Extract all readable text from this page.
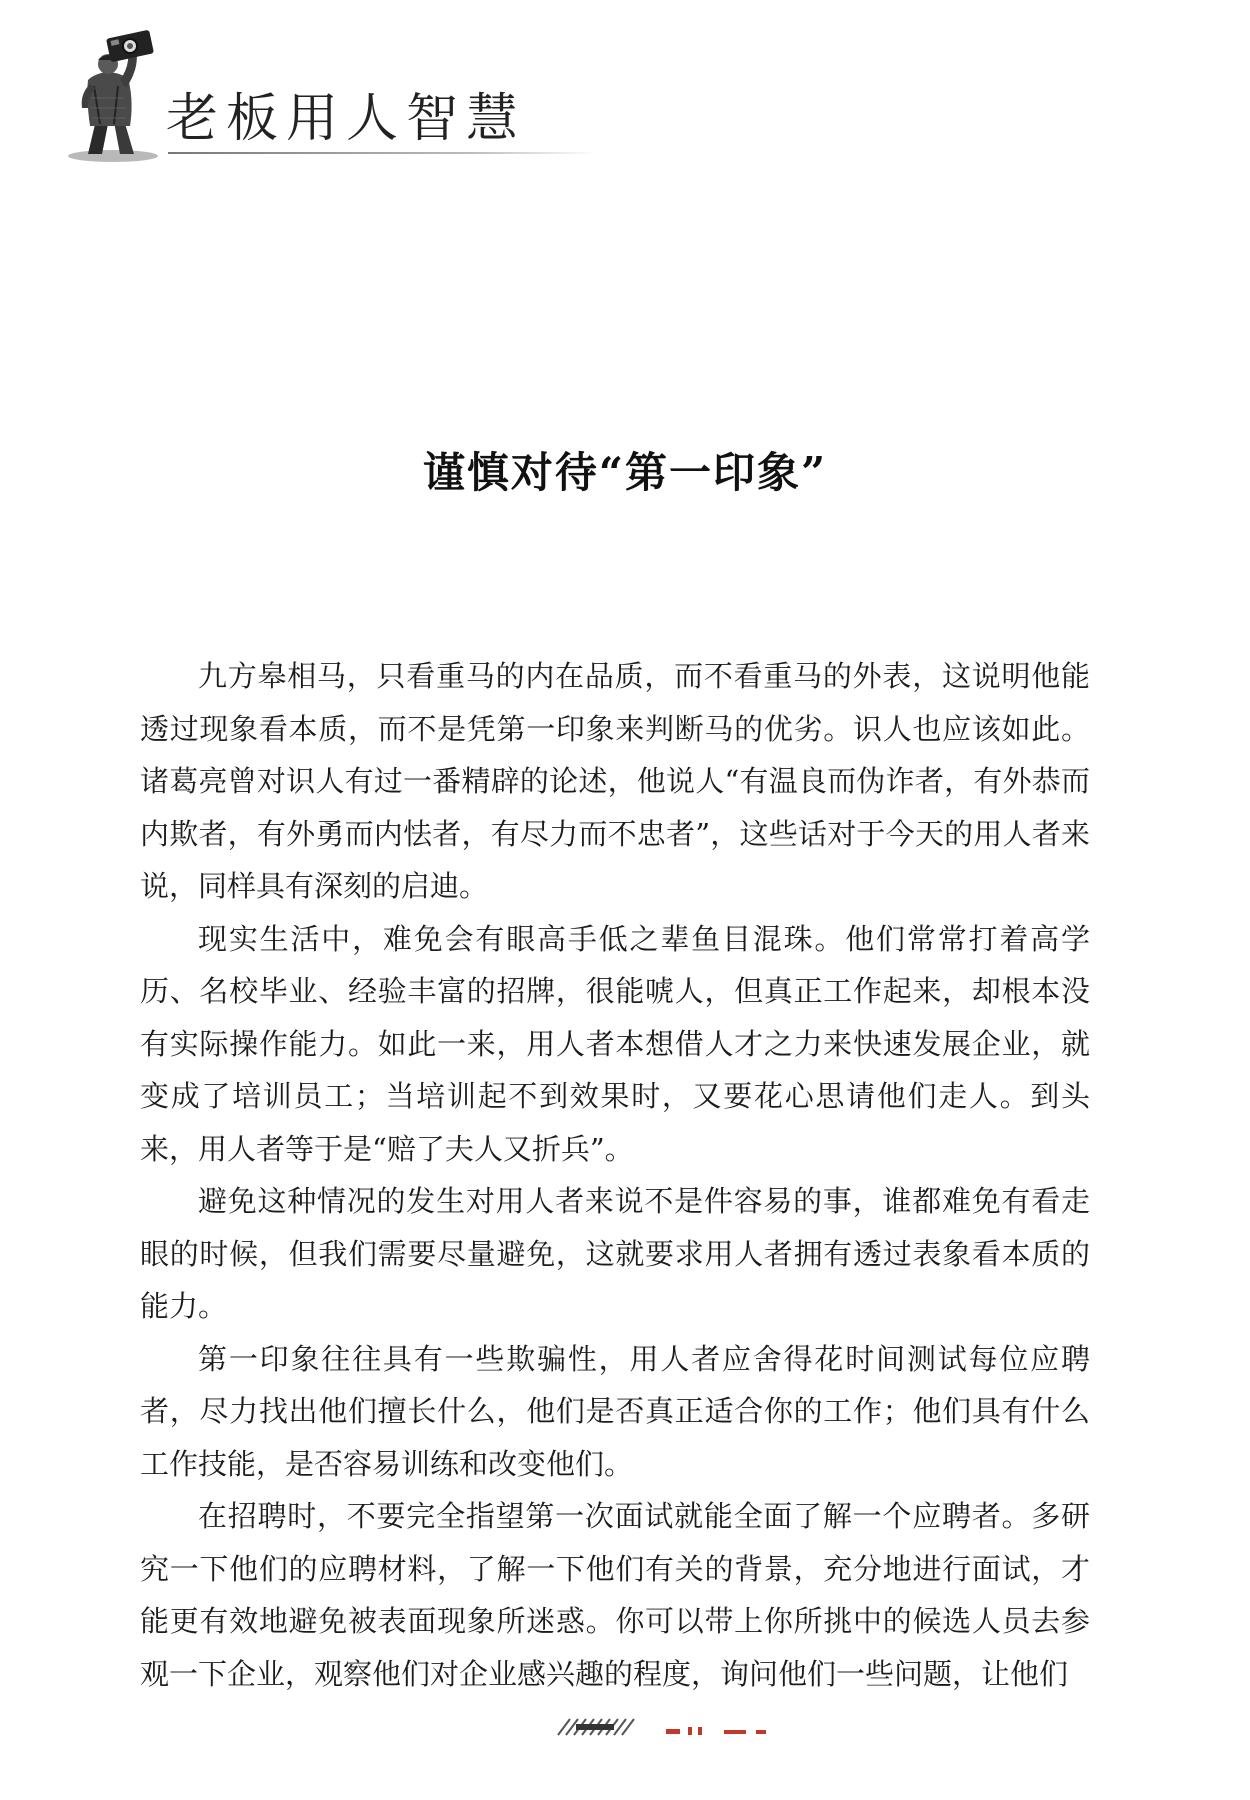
老板用人智慧
谨慎对待“第一印象”

九方皋相马，只看重马的内在品质，而不看重马的外表，这说明他能透过现象看本质，而不是凭第一印象来判断马的优劣。识人也应该如此。诸葛亮曾对识人有过一番精辟的论述，他说人“有温良而伪诈者，有外恭而内欺者，有外勇而内怯者，有尽力而不忠者”，这些话对于今天的用人者来说，同样具有深刻的启迪。

现实生活中，难免会有眼高手低之辈鱼目混珠。他们常常打着高学历、名校毕业、经验丰富的招牌，很能唬人，但真正工作起来，却根本没有实际操作能力。如此一来，用人者本想借人才之力来快速发展企业，就变成了培训员工；当培训起不到效果时，又要花心思请他们走人。到头来，用人者等于是“赔了夫人又折兵”。

避免这种情况的发生对用人者来说不是件容易的事，谁都难免有看走眼的时候，但我们需要尽量避免，这就要求用人者拥有透过表象看本质的能力。

第一印象往往具有一些欺骗性，用人者应舍得花时间测试每位应聘者，尽力找出他们擅长什么，他们是否真正适合你的工作；他们具有什么工作技能，是否容易训练和改变他们。

在招聘时，不要完全指望第一次面试就能全面了解一个应聘者。多研究一下他们的应聘材料，了解一下他们有关的背景，充分地进行面试，才能更有效地避免被表面现象所迷惑。你可以带上你所挑中的候选人员去参观一下企业，观察他们对企业感兴趣的程度，询问他们一些问题，让他们
